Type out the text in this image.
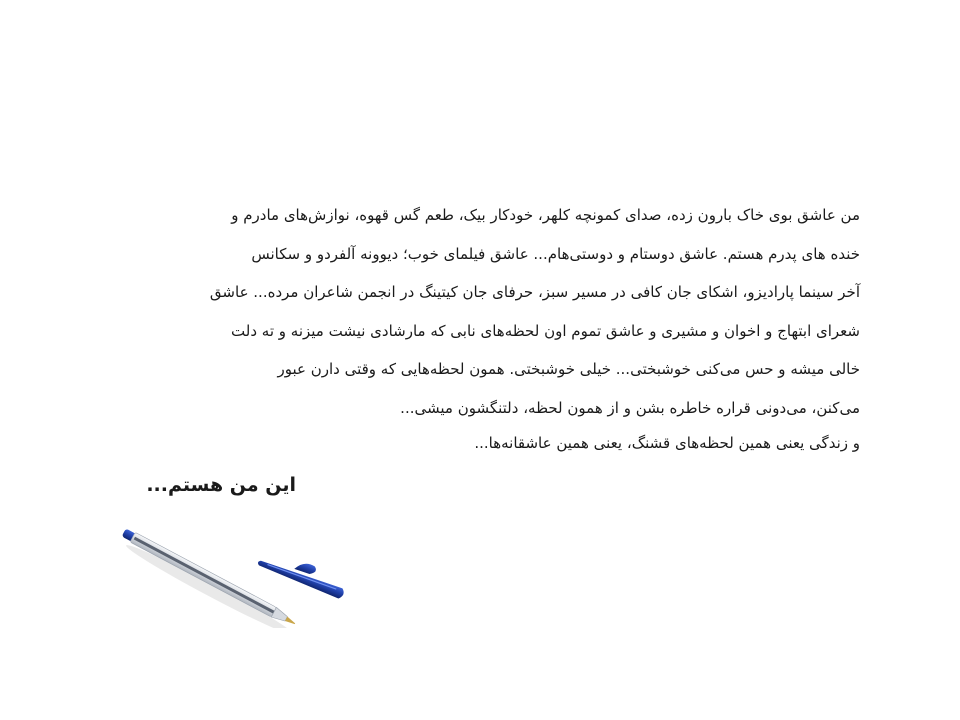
من عاشق بوی خاک بارون زده، صدای کمونچه کلهر، خودکار بیک، طعم گس قهوه، نوازش‌های مادرم و
خنده های پدرم هستم. عاشق دوستام و دوستی‌هام... عاشق فیلمای خوب؛ دیوونه آلفردو و سکانس
آخر سینما پارادیزو، اشکای جان کافی در مسیر سبز، حرفای جان کیتینگ در انجمن شاعران مرده... عاشق
شعرای ابتهاج و اخوان و مشیری و عاشق تموم اون لحظه‌های نابی که مارشادی نیشت میزنه و ته دلت
خالی میشه و حس می‌کنی خوشبختی... خیلی خوشبختی. همون لحظه‌هایی که وقتی دارن عبور
می‌کنن، می‌دونی قراره خاطره بشن و از همون لحظه، دلتنگشون میشی...

و زندگی یعنی همین لحظه‌های قشنگ، یعنی همین عاشقانه‌ها...

این من هستم...
